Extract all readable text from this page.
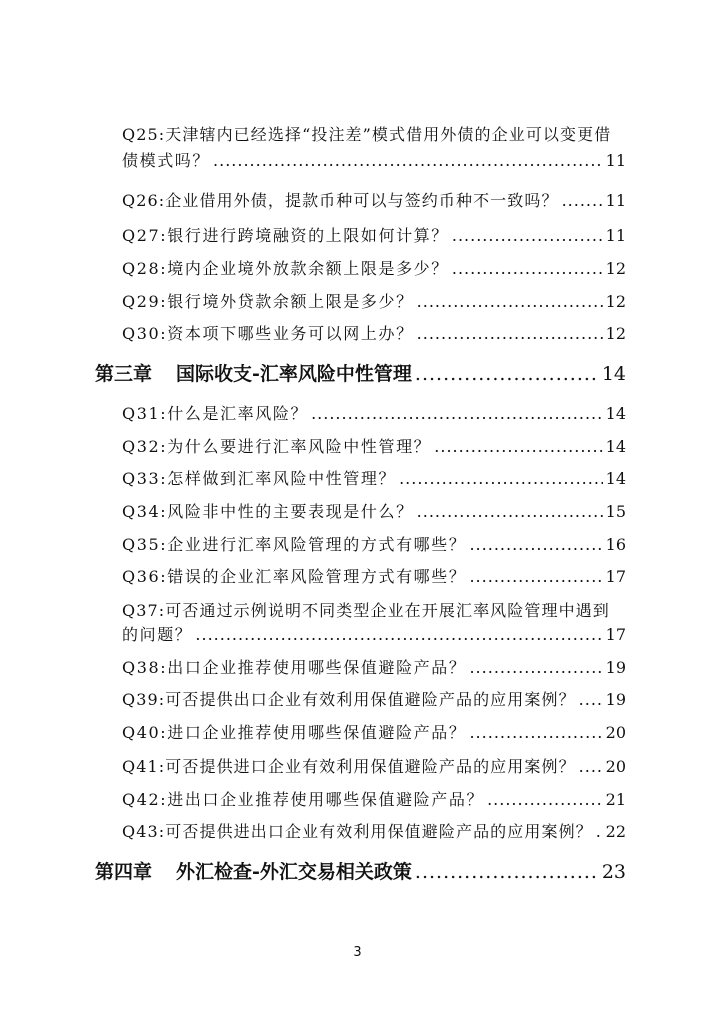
Q25:天津辖内已经选择“投注差”模式借用外债的企业可以变更借
债模式吗？ .....	11
Q26:企业借用外债，提款币种可以与签约币种不一致吗？ .....	11
Q27:银行进行跨境融资的上限如何计算？ .....	11
Q28:境内企业境外放款余额上限是多少？ .....	12
Q29:银行境外贷款余额上限是多少？ .....	12
Q30:资本项下哪些业务可以网上办？ .....	12
第三章 国际收支-汇率风险中性管理 .....	14
Q31:什么是汇率风险？ .....	14
Q32:为什么要进行汇率风险中性管理？ .....	14
Q33:怎样做到汇率风险中性管理？ .....	14
Q34:风险非中性的主要表现是什么？ .....	15
Q35:企业进行汇率风险管理的方式有哪些？ .....	16
Q36:错误的企业汇率风险管理方式有哪些？ .....	17
Q37:可否通过示例说明不同类型企业在开展汇率风险管理中遇到
的问题？ .....	17
Q38:出口企业推荐使用哪些保值避险产品？ .....	19
Q39:可否提供出口企业有效利用保值避险产品的应用案例？ ..... 19
Q40:进口企业推荐使用哪些保值避险产品？ .....	20
Q41:可否提供进口企业有效利用保值避险产品的应用案例？ ..... 20
Q42:进出口企业推荐使用哪些保值避险产品？ .....	21
Q43:可否提供进出口企业有效利用保值避险产品的应用案例？ ..... 22
第四章 外汇检查-外汇交易相关政策 .....	23
3
